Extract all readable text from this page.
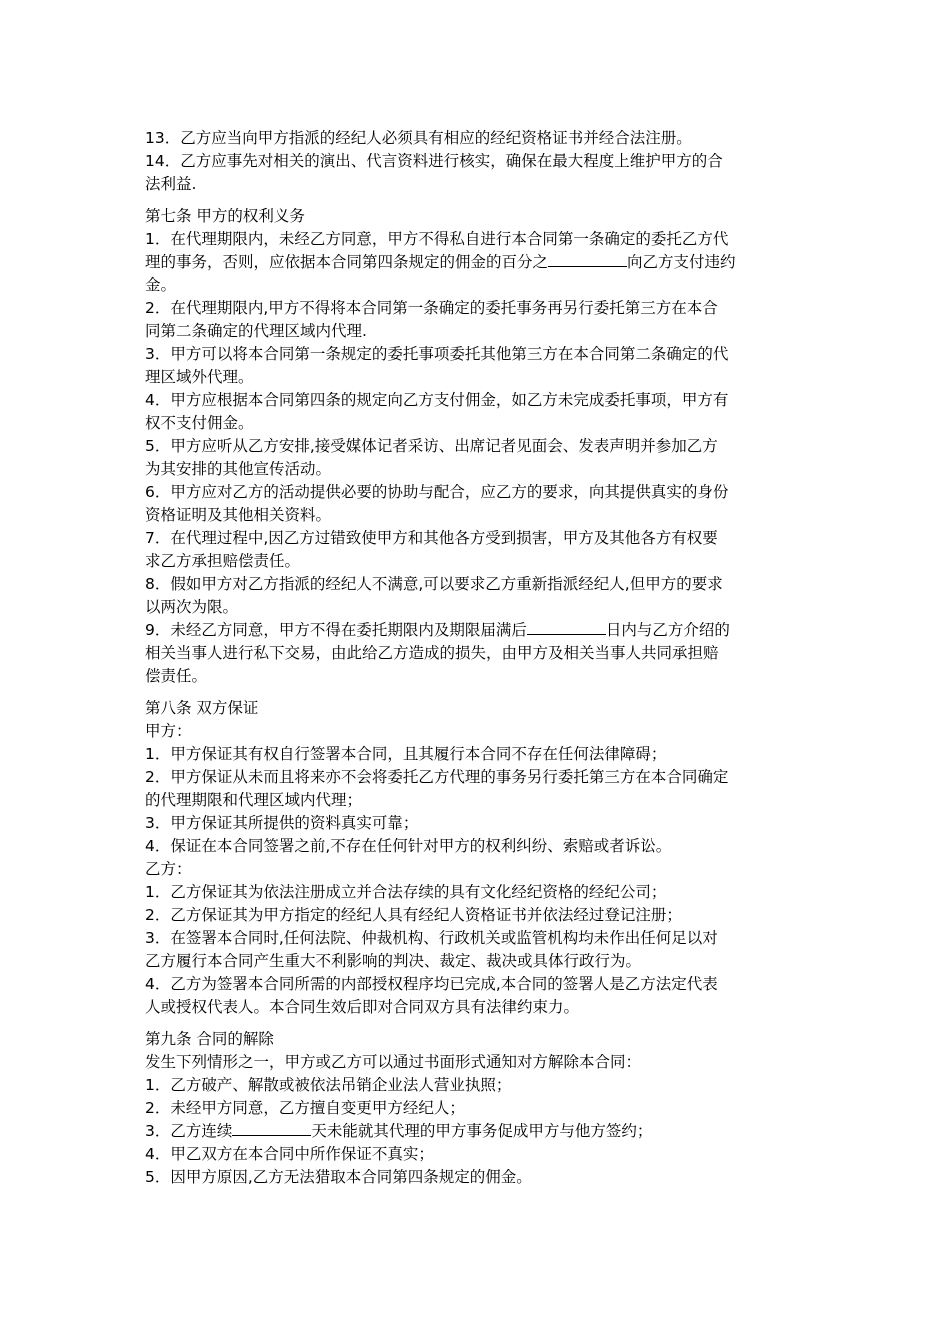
13．乙方应当向甲方指派的经纪人必须具有相应的经纪资格证书并经合法注册。
14．乙方应事先对相关的演出、代言资料进行核实，确保在最大程度上维护甲方的合
法利益.
第七条 甲方的权利义务
1．在代理期限内，未经乙方同意，甲方不得私自进行本合同第一条确定的委托乙方代
理的事务，否则，应依据本合同第四条规定的佣金的百分之	向乙方支付违约
金。
2．在代理期限内,甲方不得将本合同第一条确定的委托事务再另行委托第三方在本合
同第二条确定的代理区域内代理.
3．甲方可以将本合同第一条规定的委托事项委托其他第三方在本合同第二条确定的代
理区域外代理。
4．甲方应根据本合同第四条的规定向乙方支付佣金，如乙方未完成委托事项，甲方有
权不支付佣金。
5．甲方应听从乙方安排,接受媒体记者采访、出席记者见面会、发表声明并参加乙方
为其安排的其他宣传活动。
6．甲方应对乙方的活动提供必要的协助与配合，应乙方的要求，向其提供真实的身份
资格证明及其他相关资料。
7．在代理过程中,因乙方过错致使甲方和其他各方受到损害，甲方及其他各方有权要
求乙方承担赔偿责任。
8．假如甲方对乙方指派的经纪人不满意,可以要求乙方重新指派经纪人,但甲方的要求
以两次为限。
9．未经乙方同意，甲方不得在委托期限内及期限届满后	日内与乙方介绍的
相关当事人进行私下交易，由此给乙方造成的损失，由甲方及相关当事人共同承担赔
偿责任。
第八条 双方保证
甲方：
1．甲方保证其有权自行签署本合同，且其履行本合同不存在任何法律障碍；
2．甲方保证从未而且将来亦不会将委托乙方代理的事务另行委托第三方在本合同确定
的代理期限和代理区域内代理；
3．甲方保证其所提供的资料真实可靠；
4．保证在本合同签署之前,不存在任何针对甲方的权利纠纷、索赔或者诉讼。
乙方：
1．乙方保证其为依法注册成立并合法存续的具有文化经纪资格的经纪公司；
2．乙方保证其为甲方指定的经纪人具有经纪人资格证书并依法经过登记注册；
3．在签署本合同时,任何法院、仲裁机构、行政机关或监管机构均未作出任何足以对
乙方履行本合同产生重大不利影响的判决、裁定、裁决或具体行政行为。
4．乙方为签署本合同所需的内部授权程序均已完成,本合同的签署人是乙方法定代表
人或授权代表人。本合同生效后即对合同双方具有法律约束力。
第九条 合同的解除
发生下列情形之一，甲方或乙方可以通过书面形式通知对方解除本合同：
1．乙方破产、解散或被依法吊销企业法人营业执照；
2．未经甲方同意，乙方擅自变更甲方经纪人；
3．乙方连续	天未能就其代理的甲方事务促成甲方与他方签约；
4．甲乙双方在本合同中所作保证不真实；
5．因甲方原因,乙方无法猎取本合同第四条规定的佣金。
